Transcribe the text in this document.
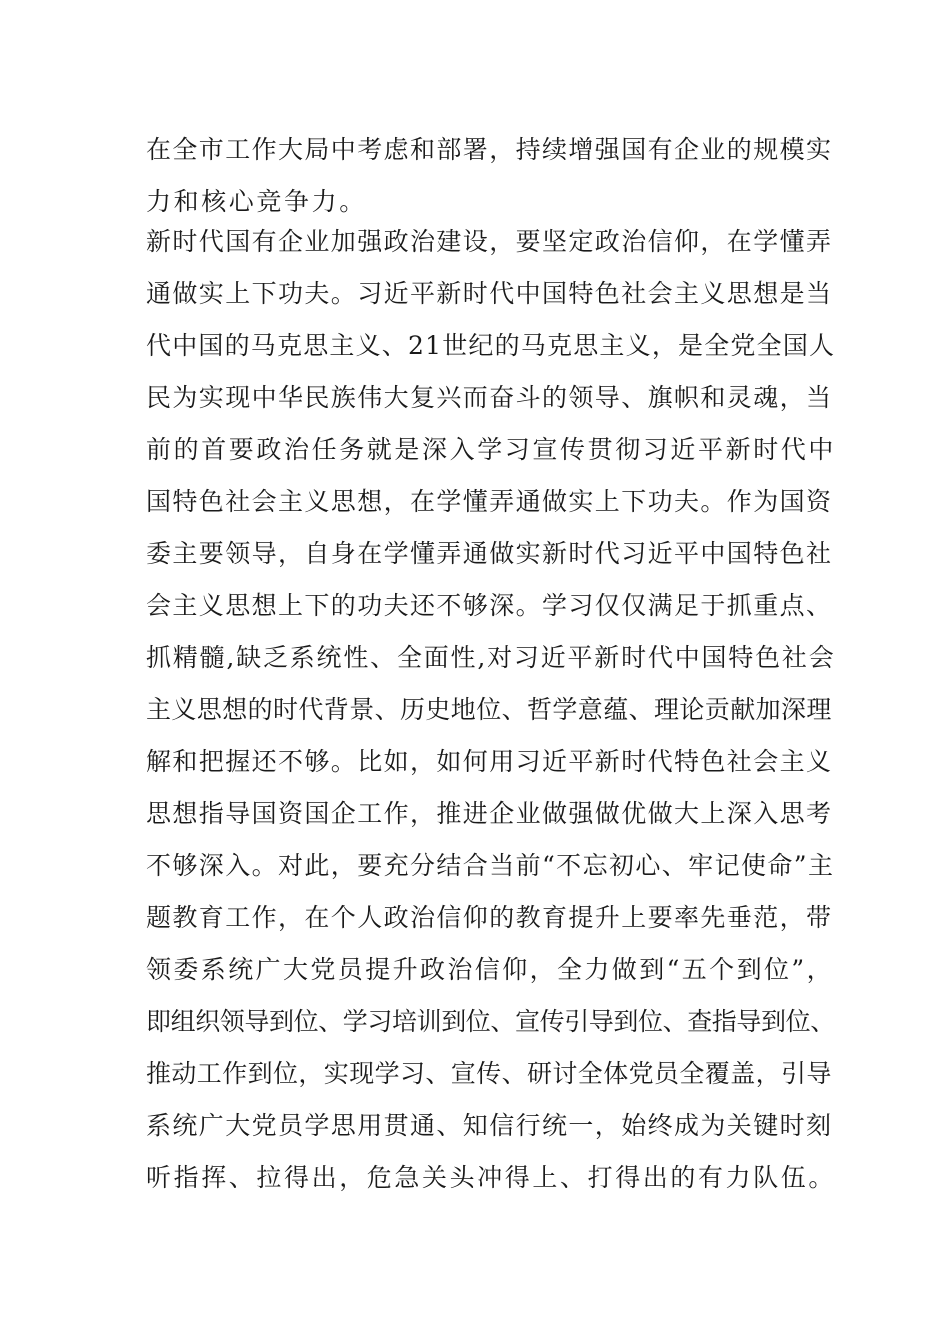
在全市工作大局中考虑和部署，持续增强国有企业的规模实
力和核心竞争力。
新时代国有企业加强政治建设，要坚定政治信仰，在学懂弄
通做实上下功夫。习近平新时代中国特色社会主义思想是当
代中国的马克思主义、21世纪的马克思主义，是全党全国人
民为实现中华民族伟大复兴而奋斗的领导、旗帜和灵魂，当
前的首要政治任务就是深入学习宣传贯彻习近平新时代中
国特色社会主义思想，在学懂弄通做实上下功夫。作为国资
委主要领导，自身在学懂弄通做实新时代习近平中国特色社
会主义思想上下的功夫还不够深。学习仅仅满足于抓重点、
抓精髓,缺乏系统性、全面性,对习近平新时代中国特色社会
主义思想的时代背景、历史地位、哲学意蕴、理论贡献加深理
解和把握还不够。比如，如何用习近平新时代特色社会主义
思想指导国资国企工作，推进企业做强做优做大上深入思考
不够深入。对此，要充分结合当前“不忘初心、牢记使命”主
题教育工作，在个人政治信仰的教育提升上要率先垂范，带
领委系统广大党员提升政治信仰，全力做到“五个到位”，
即组织领导到位、学习培训到位、宣传引导到位、查指导到位、
推动工作到位，实现学习、宣传、研讨全体党员全覆盖，引导
系统广大党员学思用贯通、知信行统一，始终成为关键时刻
听指挥、拉得出，危急关头冲得上、打得出的有力队伍。
